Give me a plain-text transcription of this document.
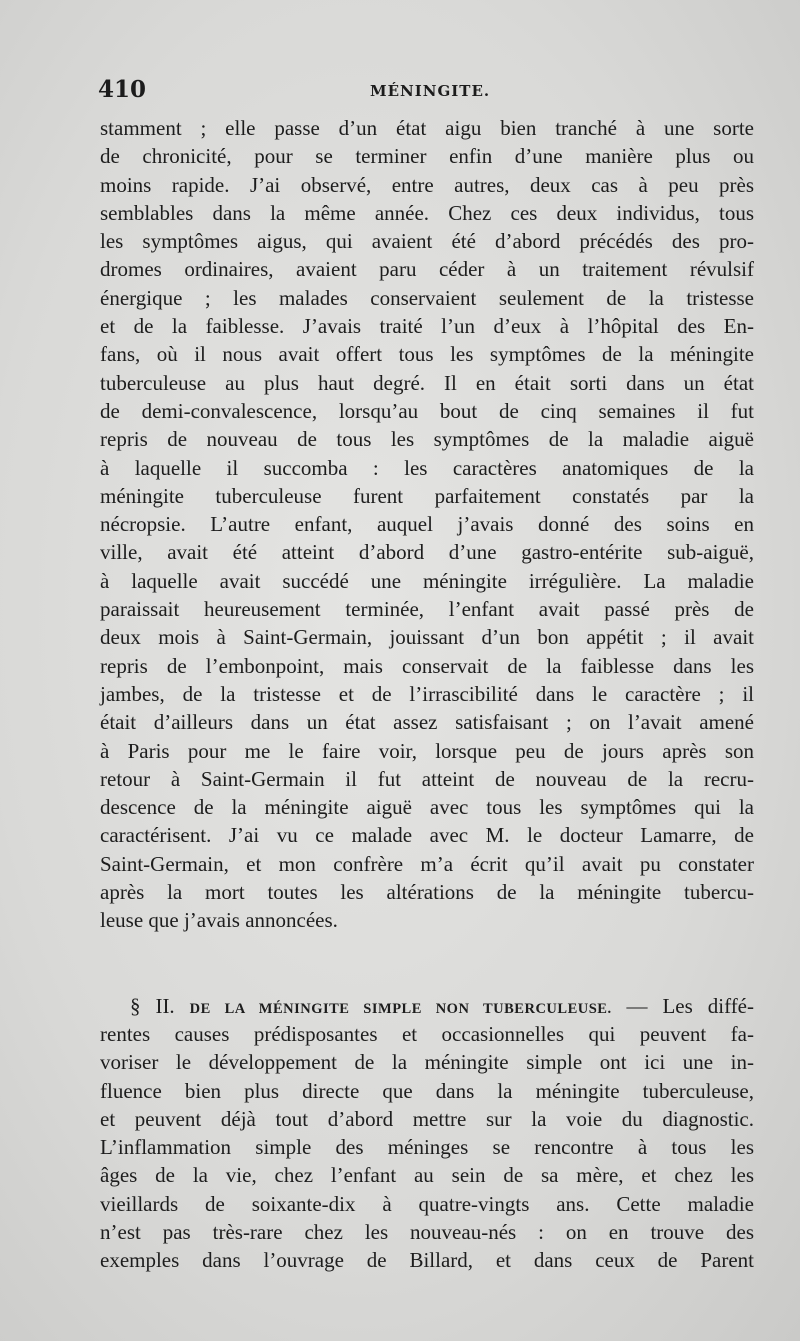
410	MÉNINGITE.
stamment ; elle passe d’un état aigu bien tranché à une sorte
de chronicité, pour se terminer enfin d’une manière plus ou
moins rapide. J’ai observé, entre autres, deux cas à peu près
semblables dans la même année. Chez ces deux individus, tous
les symptômes aigus, qui avaient été d’abord précédés des pro-
dromes ordinaires, avaient paru céder à un traitement révulsif
énergique ; les malades conservaient seulement de la tristesse
et de la faiblesse. J’avais traité l’un d’eux à l’hôpital des En-
fans, où il nous avait offert tous les symptômes de la méningite
tuberculeuse au plus haut degré. Il en était sorti dans un état
de demi-convalescence, lorsqu’au bout de cinq semaines il fut
repris de nouveau de tous les symptômes de la maladie aiguë
à laquelle il succomba : les caractères anatomiques de la
méningite tuberculeuse furent parfaitement constatés par la
nécropsie. L’autre enfant, auquel j’avais donné des soins en
ville, avait été atteint d’abord d’une gastro-entérite sub-aiguë,
à laquelle avait succédé une méningite irrégulière. La maladie
paraissait heureusement terminée, l’enfant avait passé près de
deux mois à Saint-Germain, jouissant d’un bon appétit ; il avait
repris de l’embonpoint, mais conservait de la faiblesse dans les
jambes, de la tristesse et de l’irrascibilité dans le caractère ; il
était d’ailleurs dans un état assez satisfaisant ; on l’avait amené
à Paris pour me le faire voir, lorsque peu de jours après son
retour à Saint-Germain il fut atteint de nouveau de la recru-
descence de la méningite aiguë avec tous les symptômes qui la
caractérisent. J’ai vu ce malade avec M. le docteur Lamarre, de
Saint-Germain, et mon confrère m’a écrit qu’il avait pu constater
après la mort toutes les altérations de la méningite tubercu-
leuse que j’avais annoncées.
§ II. DE LA MÉNINGITE SIMPLE NON TUBERCULEUSE. — Les diffé-
rentes causes prédisposantes et occasionnelles qui peuvent fa-
voriser le développement de la méningite simple ont ici une in-
fluence bien plus directe que dans la méningite tuberculeuse,
et peuvent déjà tout d’abord mettre sur la voie du diagnostic.
L’inflammation simple des méninges se rencontre à tous les
âges de la vie, chez l’enfant au sein de sa mère, et chez les
vieillards de soixante-dix à quatre-vingts ans. Cette maladie
n’est pas très-rare chez les nouveau-nés : on en trouve des
exemples dans l’ouvrage de Billard, et dans ceux de Parent
